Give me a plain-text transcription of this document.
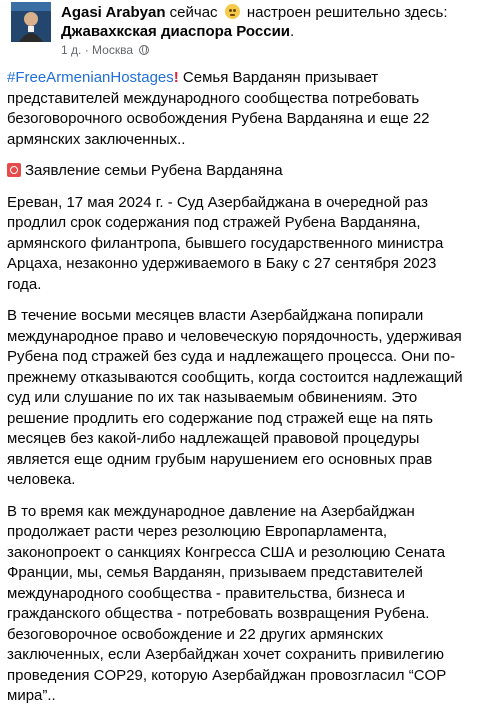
Agasi Arabyan сейчас настроен решительно здесь: Джавахкская диаспора России.
1 д. · Москва

#FreeArmenianHostages! Семья Варданян призывает представителей международного сообщества потребовать безоговорочного освобождения Рубена Варданяна и еще 22 армянских заключенных..

Заявление семьи Рубена Варданяна

Ереван, 17 мая 2024 г. - Суд Азербайджана в очередной раз продлил срок содержания под стражей Рубена Варданяна, армянского филантропа, бывшего государственного министра Арцаха, незаконно удерживаемого в Баку с 27 сентября 2023 года.

В течение восьми месяцев власти Азербайджана попирали международное право и человеческую порядочность, удерживая Рубена под стражей без суда и надлежащего процесса. Они по-прежнему отказываются сообщить, когда состоится надлежащий суд или слушание по их так называемым обвинениям. Это решение продлить его содержание под стражей еще на пять месяцев без какой-либо надлежащей правовой процедуры является еще одним грубым нарушением его основных прав человека.

В то время как международное давление на Азербайджан продолжает расти через резолюцию Европарламента, законопроект о санкциях Конгресса США и резолюцию Сената Франции, мы, семья Варданян, призываем представителей международного сообщества - правительства, бизнеса и гражданского общества - потребовать возвращения Рубена. безоговорочное освобождение и 22 других армянских заключенных, если Азербайджан хочет сохранить привилегию проведения COP29, которую Азербайджан провозгласил “COP мира”..
